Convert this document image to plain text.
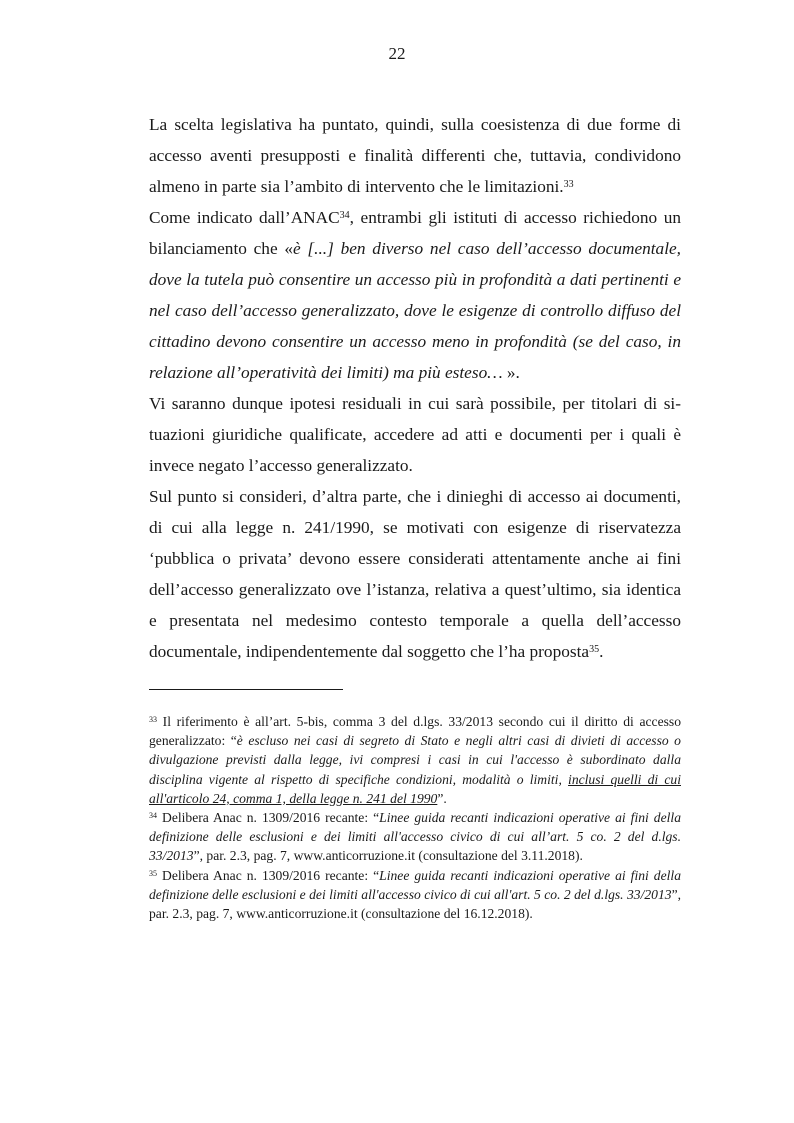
22

La scelta legislativa ha puntato, quindi, sulla coesistenza di due forme di accesso aventi presupposti e finalità differenti che, tuttavia, condividono almeno in parte sia l’ambito di intervento che le limitazioni.$^{33}$

Come indicato dall’ANAC$^{34}$, entrambi gli istituti di accesso richiedono un bilanciamento che «è [...] ben diverso nel caso dell’accesso documentale, dove la tutela può consentire un accesso più in profondità a dati pertinenti e nel caso dell’accesso generalizzato, dove le esigenze di controllo diffuso del cittadino devono consentire un accesso meno in profondità (se del caso, in relazione all’operatività dei limiti) ma più esteso… ».

Vi saranno dunque ipotesi residuali in cui sarà possibile, per titolari di situazioni giuridiche qualificate, accedere ad atti e documenti per i quali è invece negato l’accesso generalizzato.

Sul punto si consideri, d’altra parte, che i dinieghi di accesso ai documenti, di cui alla legge n. 241/1990, se motivati con esigenze di riservatezza ‘pubblica o privata’ devono essere considerati attentamente anche ai fini dell’accesso generalizzato ove l’istanza, relativa a quest’ultimo, sia identica e presentata nel medesimo contesto temporale a quella dell’accesso documentale, indipendentemente dal soggetto che l’ha proposta$^{35}$.

$^{33}$ Il riferimento è all’art. 5-bis, comma 3 del d.lgs. 33/2013 secondo cui il diritto di accesso generalizzato: “è escluso nei casi di segreto di Stato e negli altri casi di divieti di accesso o divulgazione previsti dalla legge, ivi compresi i casi in cui l'accesso è subordinato dalla disciplina vigente al rispetto di specifiche condizioni, modalità o limiti, inclusi quelli di cui all'articolo 24, comma 1, della legge n. 241 del 1990”.

$^{34}$ Delibera Anac n. 1309/2016 recante: “Linee guida recanti indicazioni operative ai fini della definizione delle esclusioni e dei limiti all'accesso civico di cui all’art. 5 co. 2 del d.lgs. 33/2013”, par. 2.3, pag. 7, www.anticorruzione.it (consultazione del 3.11.2018).

$^{35}$ Delibera Anac n. 1309/2016 recante: “Linee guida recanti indicazioni operative ai fini della definizione delle esclusioni e dei limiti all'accesso civico di cui all'art. 5 co. 2 del d.lgs. 33/2013”, par. 2.3, pag. 7, www.anticorruzione.it (consultazione del 16.12.2018).
